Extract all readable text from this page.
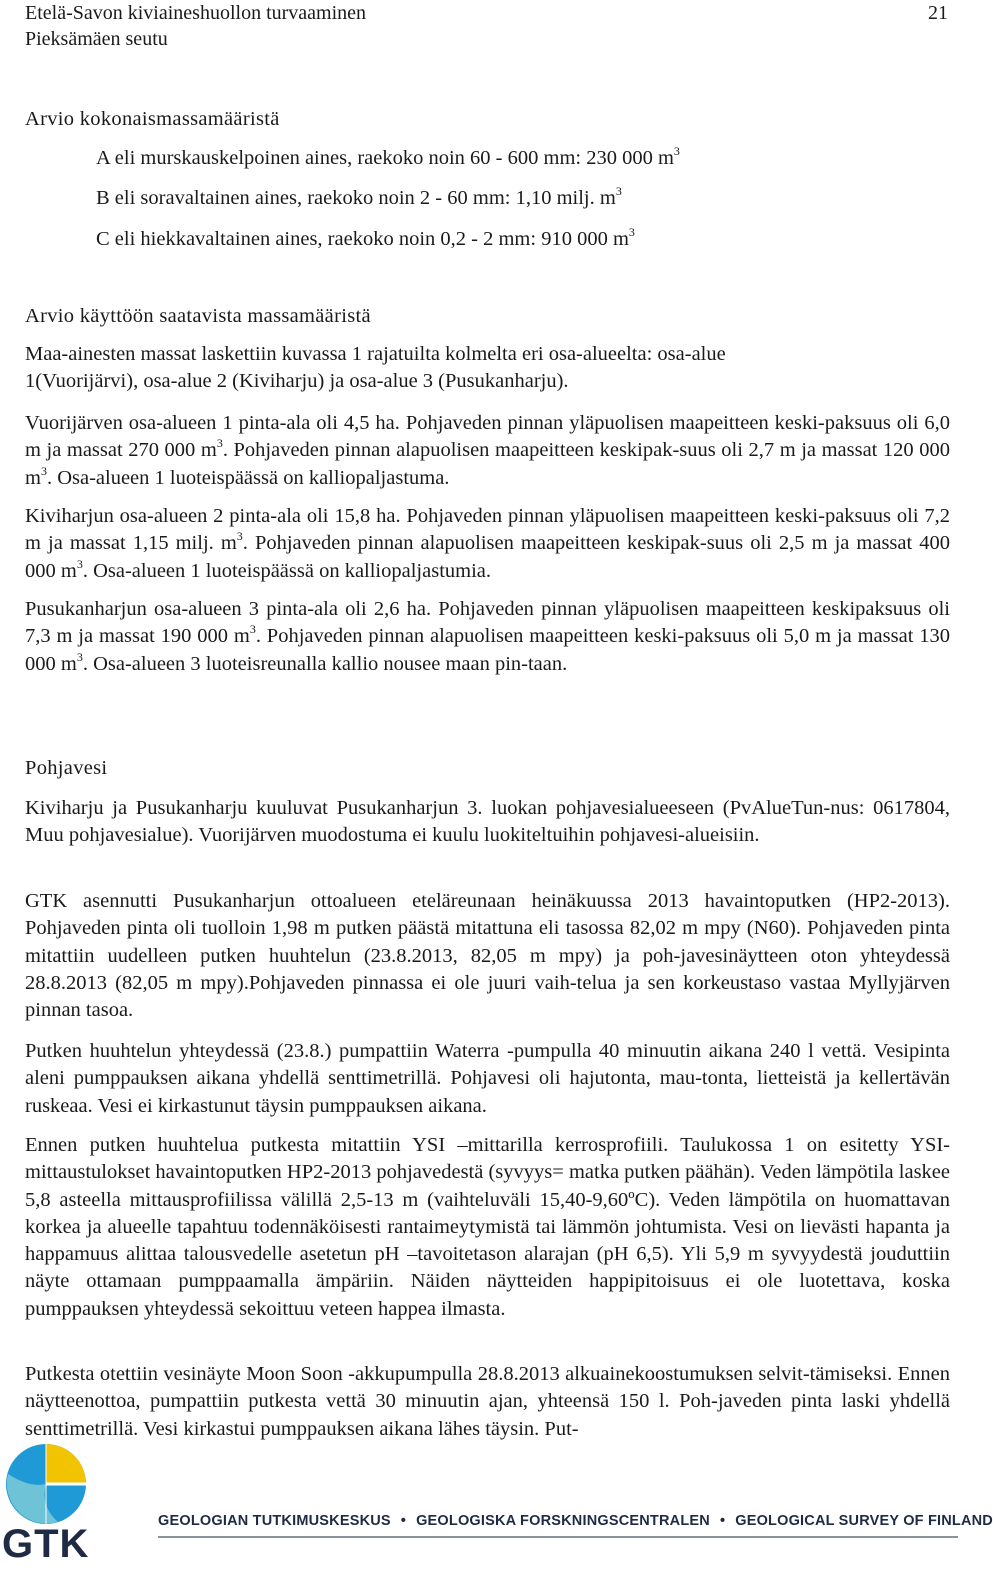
Etelä-Savon kiviaineshuollon turvaaminen

Pieksämäen seutu

21

Arvio kokonaismassamääristä

A eli murskauskelpoinen aines, raekoko noin 60 - 600 mm: 230 000 $m^3$

B eli soravaltainen aines, raekoko noin 2 - 60 mm: 1,10 milj. $m^3$

C eli hiekkavaltainen aines, raekoko noin 0,2 - 2 mm: 910 000 $m^3$

Arvio käyttöön saatavista massamääristä

Maa-ainesten massat laskettiin kuvassa 1 rajatuilta kolmelta eri osa-alueelta: osa-alue

1(Vuorijärvi), osa-alue 2 (Kiviharju) ja osa-alue 3 (Pusukanharju).

Vuorijärven osa-alueen 1 pinta-ala oli 4,5 ha. Pohjaveden pinnan yläpuolisen maapeitteen keski-paksuus oli 6,0 m ja massat 270 000 $m^3$. Pohjaveden pinnan alapuolisen maapeitteen keskipak-suus oli 2,7 m ja massat 120 000 $m^3$. Osa-alueen 1 luoteispäässä on kalliopaljastuma.

Kiviharjun osa-alueen 2 pinta-ala oli 15,8 ha. Pohjaveden pinnan yläpuolisen maapeitteen keski-paksuus oli 7,2 m ja massat 1,15 milj. $m^3$. Pohjaveden pinnan alapuolisen maapeitteen keskipak-suus oli 2,5 m ja massat 400 000 $m^3$. Osa-alueen 1 luoteispäässä on kalliopaljastumia.

Pusukanharjun osa-alueen 3 pinta-ala oli 2,6 ha. Pohjaveden pinnan yläpuolisen maapeitteen keskipaksuus oli 7,3 m ja massat 190 000 $m^3$. Pohjaveden pinnan alapuolisen maapeitteen keski-paksuus oli 5,0 m ja massat 130 000 $m^3$. Osa-alueen 3 luoteisreunalla kallio nousee maan pin-taan.

Pohjavesi

Kiviharju ja Pusukanharju kuuluvat Pusukanharjun 3. luokan pohjavesialueeseen (PvAlueTun-nus: 0617804, Muu pohjavesialue). Vuorijärven muodostuma ei kuulu luokiteltuihin pohjavesi-alueisiin.

GTK asennutti Pusukanharjun ottoalueen eteläreunaan heinäkuussa 2013 havaintoputken (HP2-2013). Pohjaveden pinta oli tuolloin 1,98 m putken päästä mitattuna eli tasossa 82,02 m mpy (N60). Pohjaveden pinta mitattiin uudelleen putken huuhtelun (23.8.2013, 82,05 m mpy) ja poh-javesinäytteen oton yhteydessä 28.8.2013 (82,05 m mpy).Pohjaveden pinnassa ei ole juuri vaih-telua ja sen korkeustaso vastaa Myllyjärven pinnan tasoa.

Putken huuhtelun yhteydessä (23.8.) pumpattiin Waterra -pumpulla 40 minuutin aikana 240 l vettä. Vesipinta aleni pumppauksen aikana yhdellä senttimetrillä. Pohjavesi oli hajutonta, mau-tonta, lietteistä ja kellertävän ruskeaa. Vesi ei kirkastunut täysin pumppauksen aikana.

Ennen putken huuhtelua putkesta mitattiin YSI –mittarilla kerrosprofiili. Taulukossa 1 on esitetty YSI-mittaustulokset havaintoputken HP2-2013 pohjavedestä (syvyys= matka putken päähän). Veden lämpötila laskee 5,8 asteella mittausprofiilissa välillä 2,5-13 m (vaihteluväli 15,40-9,60ºC). Veden lämpötila on huomattavan korkea ja alueelle tapahtuu todennäköisesti rantaimeytymistä tai lämmön johtumista. Vesi on lievästi hapanta ja happamuus alittaa talousvedelle asetetun pH –tavoitetason alarajan (pH 6,5). Yli 5,9 m syvyydestä jouduttiin näyte ottamaan pumppaamalla ämpäriin. Näiden näytteiden happipitoisuus ei ole luotettava, koska pumppauksen yhteydessä sekoittuu veteen happea ilmasta.

Putkesta otettiin vesinäyte Moon Soon -akkupumpulla 28.8.2013 alkuainekoostumuksen selvit-tämiseksi. Ennen näytteenottoa, pumpattiin putkesta vettä 30 minuutin ajan, yhteensä 150 l. Poh-javeden pinta laski yhdellä senttimetrillä. Vesi kirkastui pumppauksen aikana lähes täysin. Put-

GTK

GEOLOGIAN TUTKIMUSKESKUS • GEOLOGISKA FORSKNINGSCENTRALEN • GEOLOGICAL SURVEY OF FINLAND
